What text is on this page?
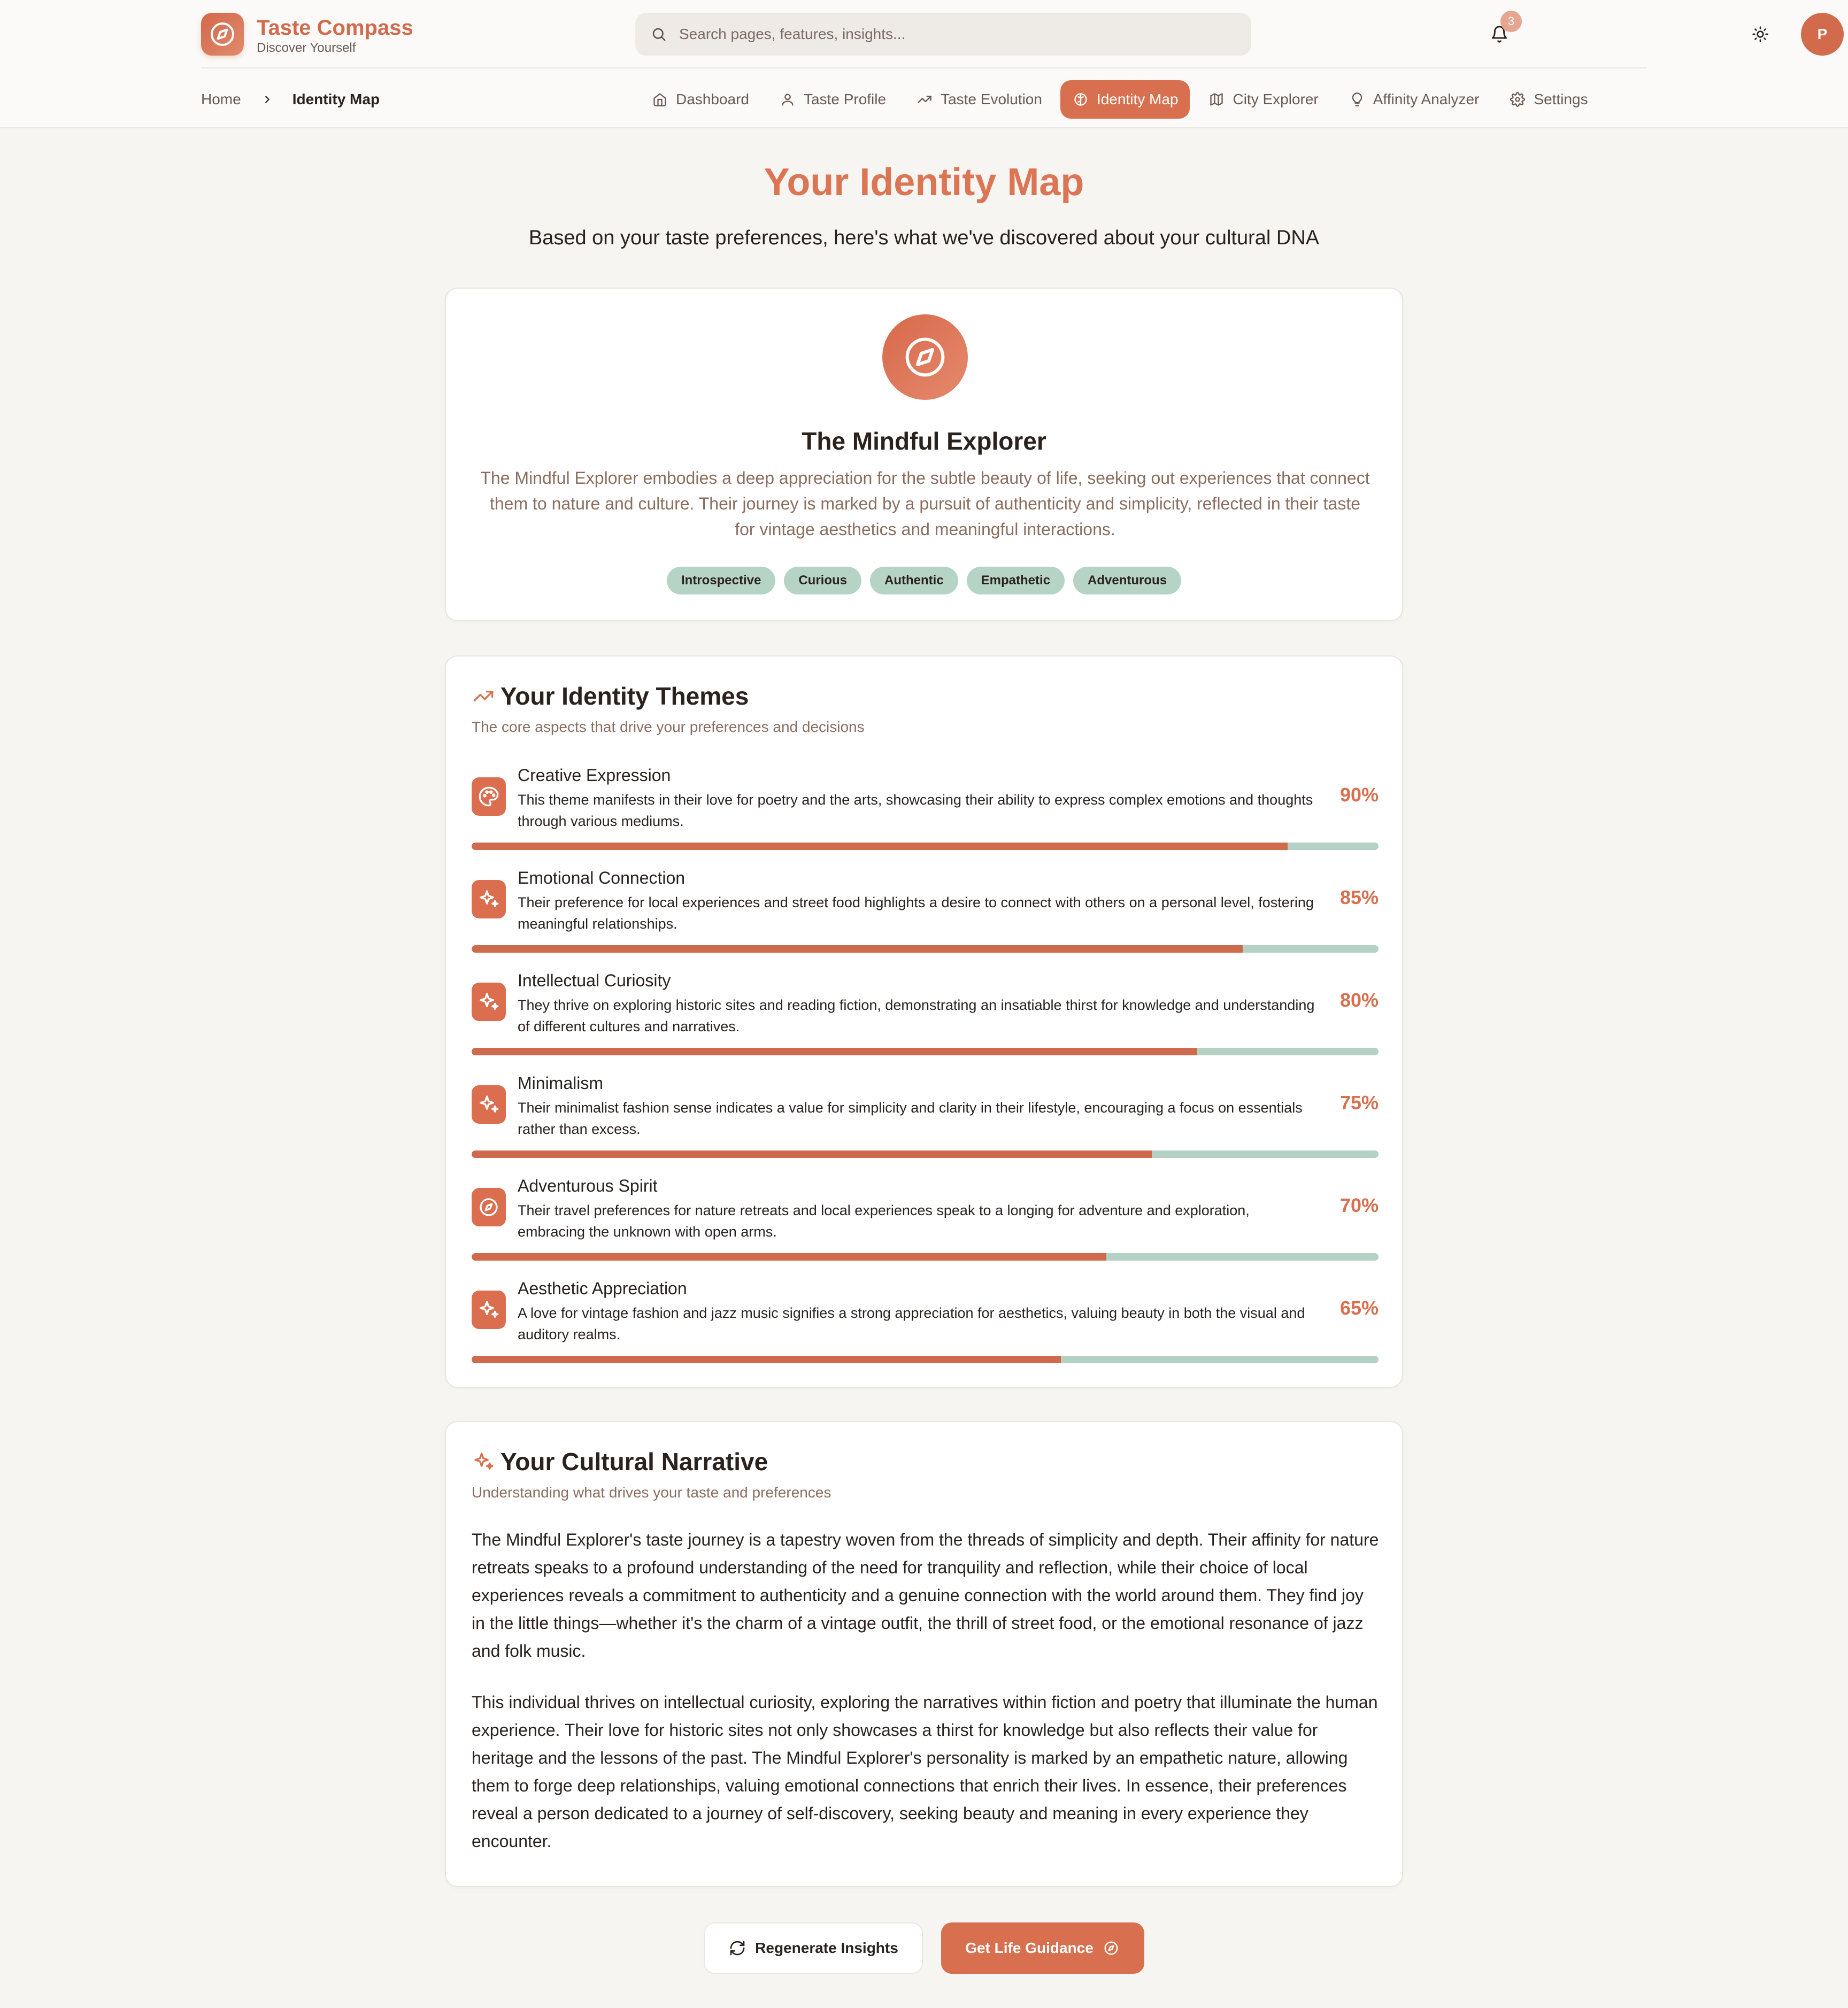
Taste Compass
Discover Yourself
Search pages, features, insights...
3
P
Home	Identity Map	Dashboard	Taste Profile	Taste Evolution	Identity Map	City Explorer	Affinity Analyzer	Settings
Your Identity Map
Based on your taste preferences, here's what we've discovered about your cultural DNA
The Mindful Explorer
The Mindful Explorer embodies a deep appreciation for the subtle beauty of life, seeking out experiences that connect them to nature and culture. Their journey is marked by a pursuit of authenticity and simplicity, reflected in their taste for vintage aesthetics and meaningful interactions.
Introspective	Curious	Authentic	Empathetic	Adventurous
Your Identity Themes
The core aspects that drive your preferences and decisions
Creative Expression
This theme manifests in their love for poetry and the arts, showcasing their ability to express complex emotions and thoughts through various mediums.
90%
Emotional Connection
Their preference for local experiences and street food highlights a desire to connect with others on a personal level, fostering meaningful relationships.
85%
Intellectual Curiosity
They thrive on exploring historic sites and reading fiction, demonstrating an insatiable thirst for knowledge and understanding of different cultures and narratives.
80%
Minimalism
Their minimalist fashion sense indicates a value for simplicity and clarity in their lifestyle, encouraging a focus on essentials rather than excess.
75%
Adventurous Spirit
Their travel preferences for nature retreats and local experiences speak to a longing for adventure and exploration, embracing the unknown with open arms.
70%
Aesthetic Appreciation
A love for vintage fashion and jazz music signifies a strong appreciation for aesthetics, valuing beauty in both the visual and auditory realms.
65%
Your Cultural Narrative
Understanding what drives your taste and preferences

The Mindful Explorer's taste journey is a tapestry woven from the threads of simplicity and depth. Their affinity for nature retreats speaks to a profound understanding of the need for tranquility and reflection, while their choice of local experiences reveals a commitment to authenticity and a genuine connection with the world around them. They find joy in the little things—whether it's the charm of a vintage outfit, the thrill of street food, or the emotional resonance of jazz and folk music.

This individual thrives on intellectual curiosity, exploring the narratives within fiction and poetry that illuminate the human experience. Their love for historic sites not only showcases a thirst for knowledge but also reflects their value for heritage and the lessons of the past. The Mindful Explorer's personality is marked by an empathetic nature, allowing them to forge deep relationships, valuing emotional connections that enrich their lives. In essence, their preferences reveal a person dedicated to a journey of self-discovery, seeking beauty and meaning in every experience they encounter.

Regenerate Insights	Get Life Guidance
